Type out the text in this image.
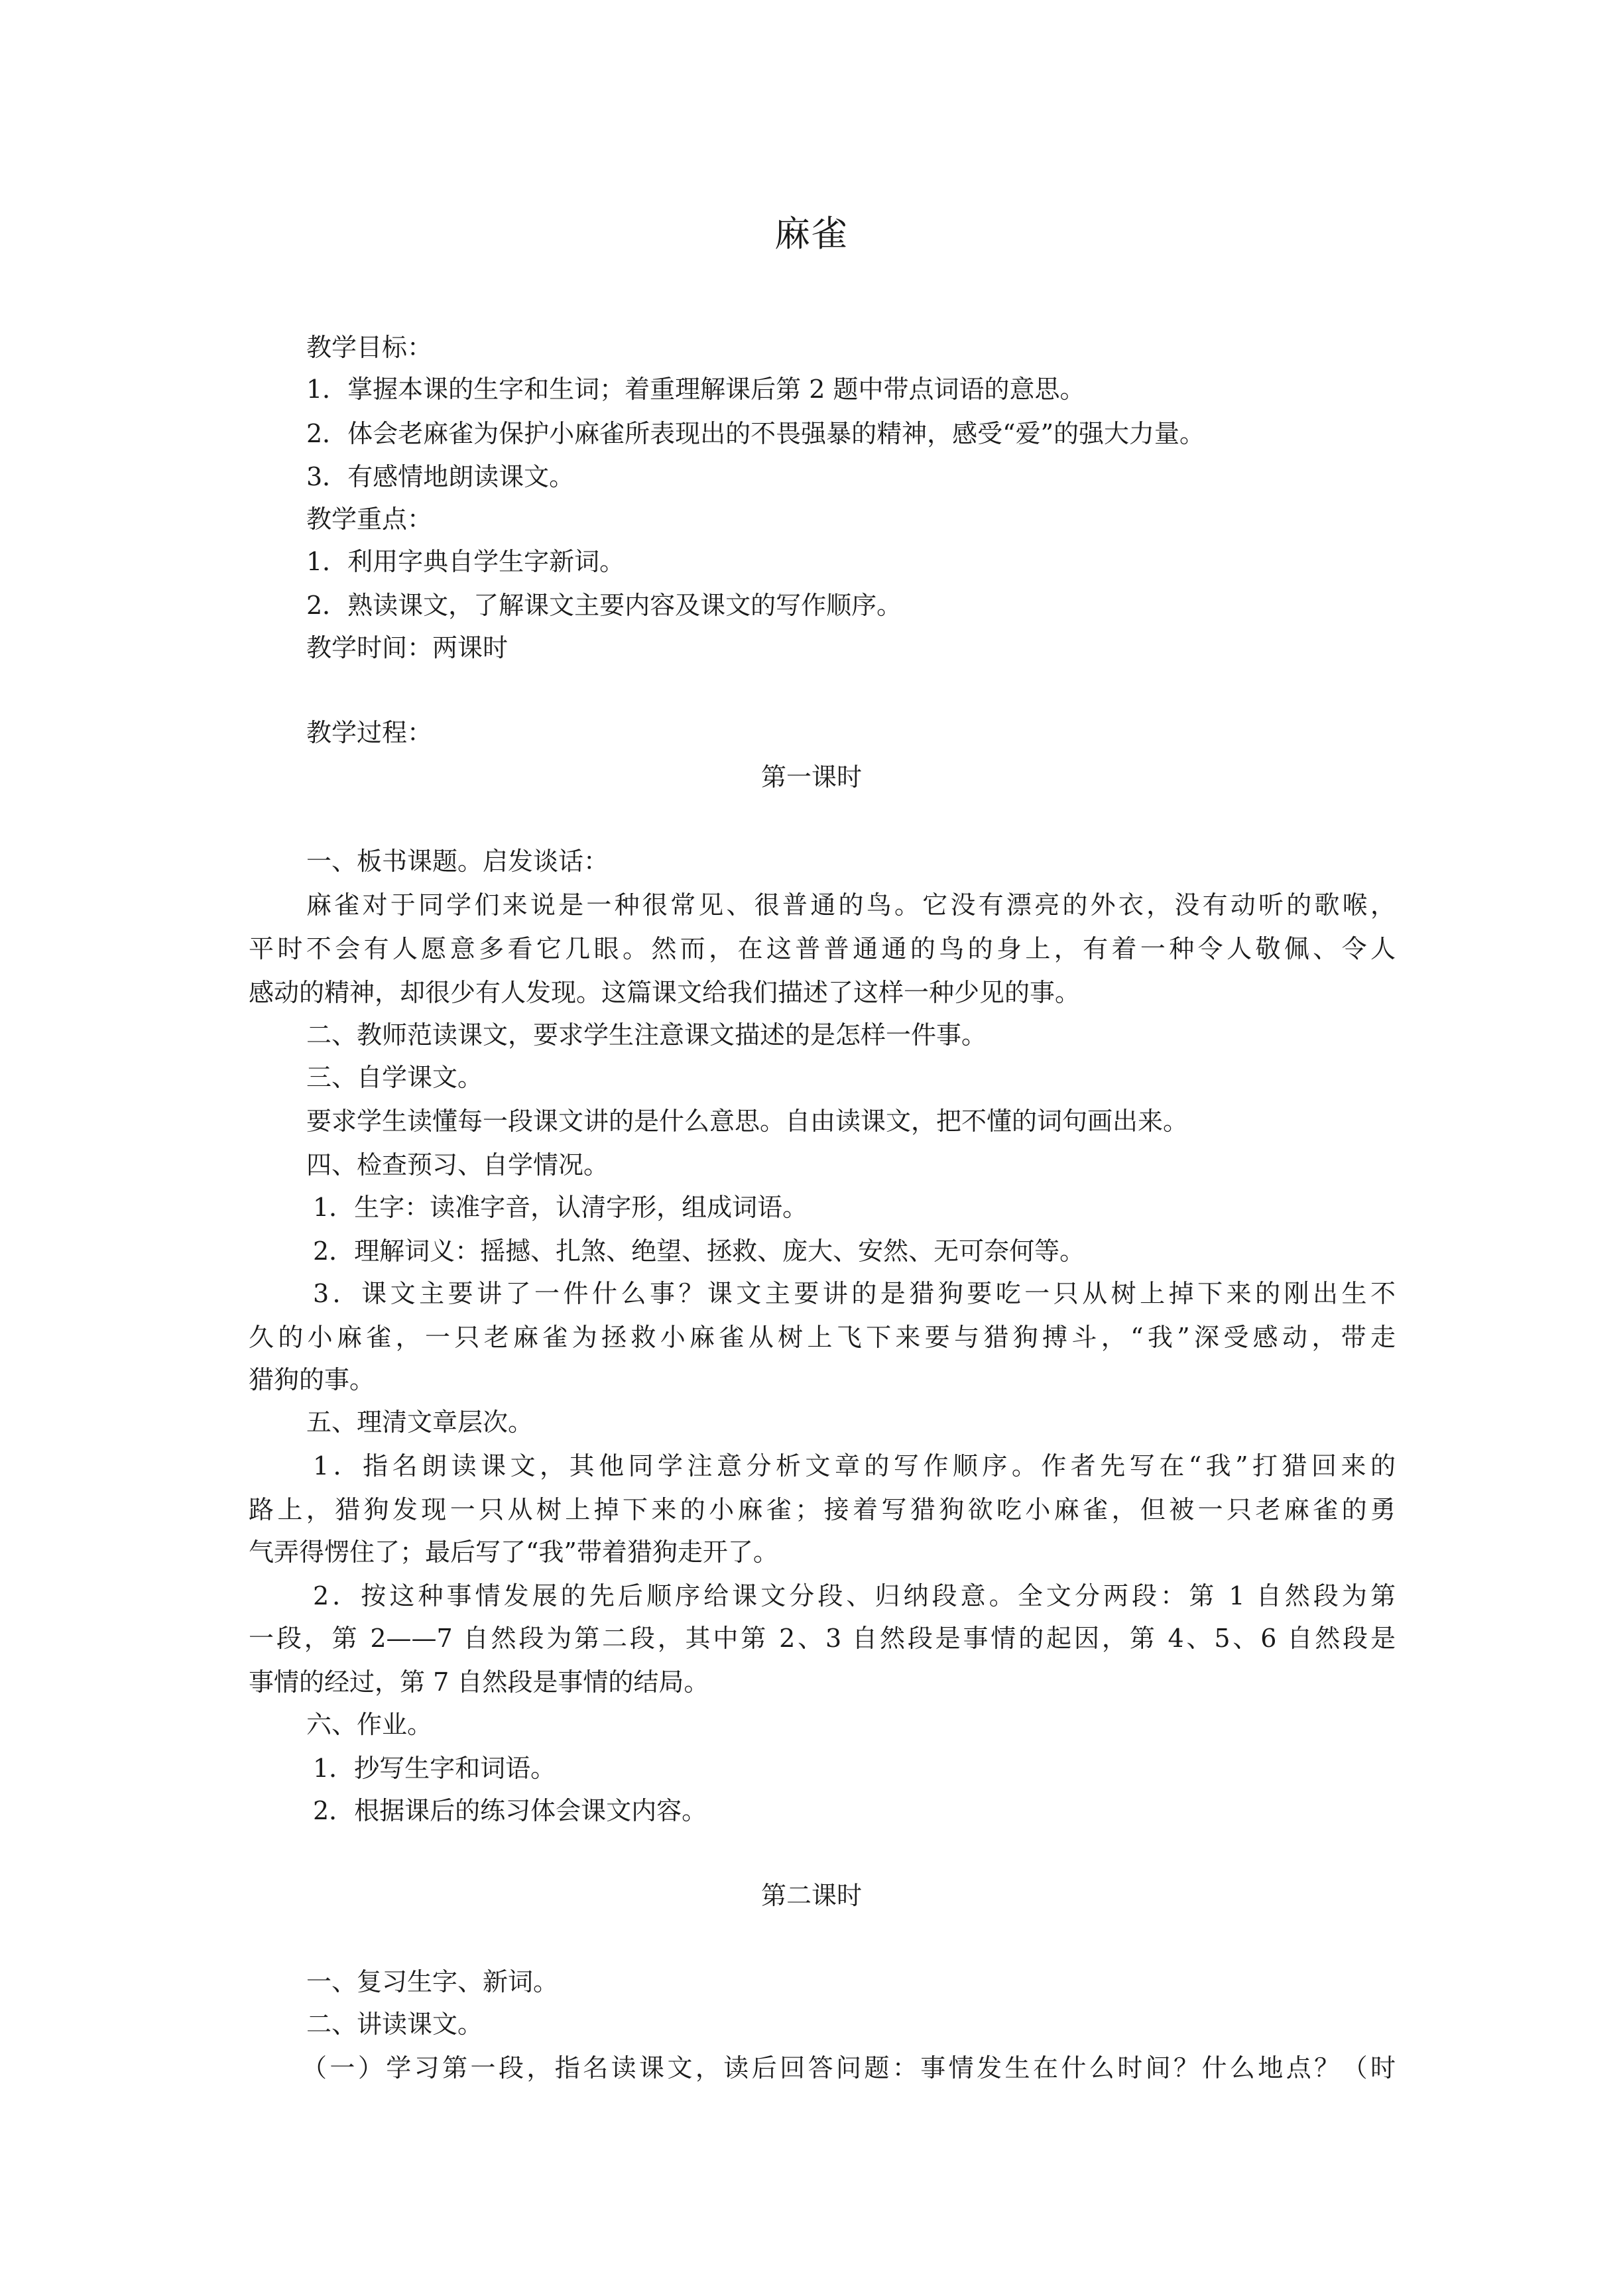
麻雀
教学目标：
1．掌握本课的生字和生词；着重理解课后第 2 题中带点词语的意思。
2．体会老麻雀为保护小麻雀所表现出的不畏强暴的精神，感受“爱”的强大力量。
3．有感情地朗读课文。
教学重点：
1．利用字典自学生字新词。
2．熟读课文，了解课文主要内容及课文的写作顺序。
教学时间：两课时
教学过程：
第一课时
一、板书课题。启发谈话：
麻雀对于同学们来说是一种很常见、很普通的鸟。它没有漂亮的外衣，没有动听的歌喉，
平时不会有人愿意多看它几眼。然而，在这普普通通的鸟的身上，有着一种令人敬佩、令人
感动的精神，却很少有人发现。这篇课文给我们描述了这样一种少见的事。
二、教师范读课文，要求学生注意课文描述的是怎样一件事。
三、自学课文。
要求学生读懂每一段课文讲的是什么意思。自由读课文，把不懂的词句画出来。
四、检查预习、自学情况。
1．生字：读准字音，认清字形，组成词语。
2．理解词义：摇撼、扎煞、绝望、拯救、庞大、安然、无可奈何等。
3．课文主要讲了一件什么事？课文主要讲的是猎狗要吃一只从树上掉下来的刚出生不
久的小麻雀，一只老麻雀为拯救小麻雀从树上飞下来要与猎狗搏斗，“我”深受感动，带走
猎狗的事。
五、理清文章层次。
1．指名朗读课文，其他同学注意分析文章的写作顺序。作者先写在“我”打猎回来的
路上，猎狗发现一只从树上掉下来的小麻雀；接着写猎狗欲吃小麻雀，但被一只老麻雀的勇
气弄得愣住了；最后写了“我”带着猎狗走开了。
2．按这种事情发展的先后顺序给课文分段、归纳段意。全文分两段：第 1 自然段为第
一段，第 2——7 自然段为第二段，其中第 2、3 自然段是事情的起因，第 4、5、6 自然段是
事情的经过，第 7 自然段是事情的结局。
六、作业。
1．抄写生字和词语。
2．根据课后的练习体会课文内容。
第二课时
一、复习生字、新词。
二、讲读课文。
（一）学习第一段，指名读课文，读后回答问题：事情发生在什么时间？什么地点？（时
